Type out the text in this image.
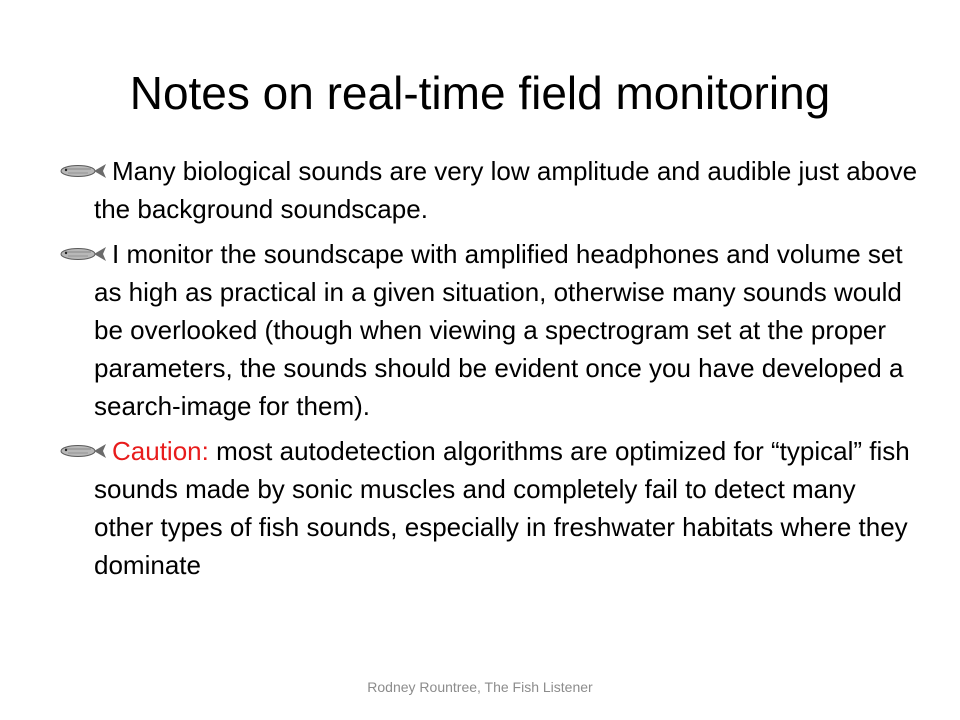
Notes on real-time field monitoring
Many biological sounds are very low amplitude and audible just above the background soundscape.
I monitor the soundscape with amplified headphones and volume set as high as practical in a given situation, otherwise many sounds would be overlooked (though when viewing a spectrogram set at the proper parameters, the sounds should be evident once you have developed a search-image for them).
Caution: most autodetection algorithms are optimized for “typical” fish sounds made by sonic muscles and completely fail to detect many other types of fish sounds, especially in freshwater habitats where they dominate
Rodney Rountree, The Fish Listener
